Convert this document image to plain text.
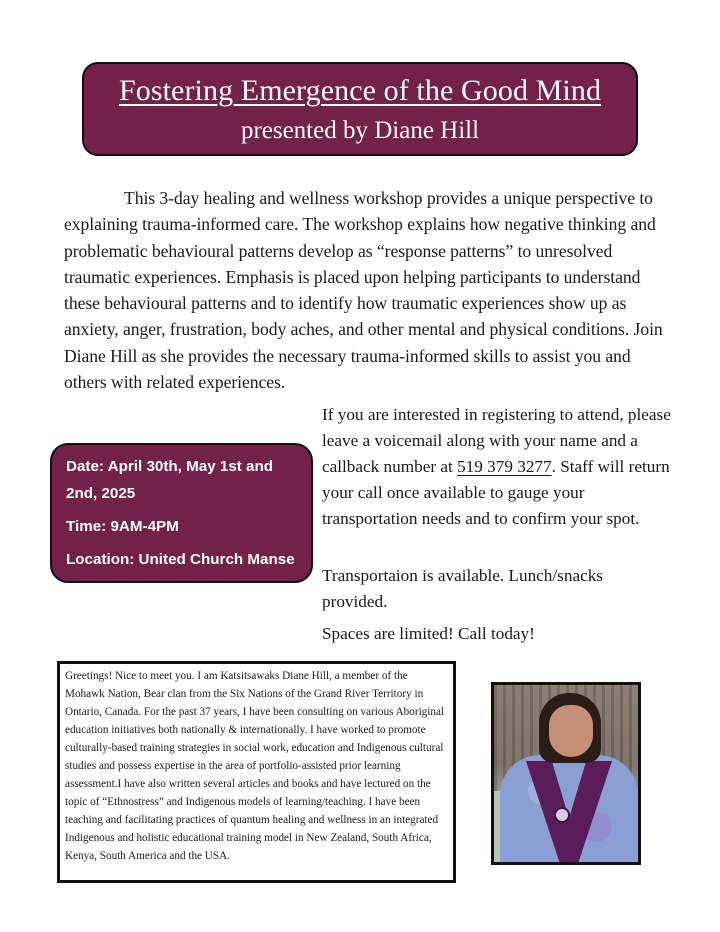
Fostering Emergence of the Good Mind
presented by Diane Hill

This 3-day healing and wellness workshop provides a unique perspective to explaining trauma-informed care. The workshop explains how negative thinking and problematic behavioural patterns develop as “response patterns” to unresolved traumatic experiences. Emphasis is placed upon helping participants to understand these behavioural patterns and to identify how traumatic experiences show up as anxiety, anger, frustration, body aches, and other mental and physical conditions. Join Diane Hill as she provides the necessary trauma-informed skills to assist you and others with related experiences.

Date: April 30th, May 1st and 2nd, 2025

Time: 9AM-4PM

Location: United Church Manse

If you are interested in registering to attend, please leave a voicemail along with your name and a callback number at 519 379 3277. Staff will return your call once available to gauge your transportation needs and to confirm your spot.

Transportaion is available. Lunch/snacks provided.

Spaces are limited! Call today!

Greetings! Nice to meet you. I am Katsitsawaks Diane Hill, a member of the Mohawk Nation, Bear clan from the Six Nations of the Grand River Territory in Ontario, Canada. For the past 37 years, I have been consulting on various Aboriginal education initiatives both nationally & internationally. I have worked to promote culturally-based training strategies in social work, education and Indigenous cultural studies and possess expertise in the area of portfolio-assisted prior learning assessment.I have also written several articles and books and have lectured on the topic of “Ethnostress” and Indigenous models of learning/teaching. I have been teaching and facilitating practices of quantum healing and wellness in an integrated Indigenous and holistic educational training model in New Zealand, South Africa, Kenya, South America and the USA.
